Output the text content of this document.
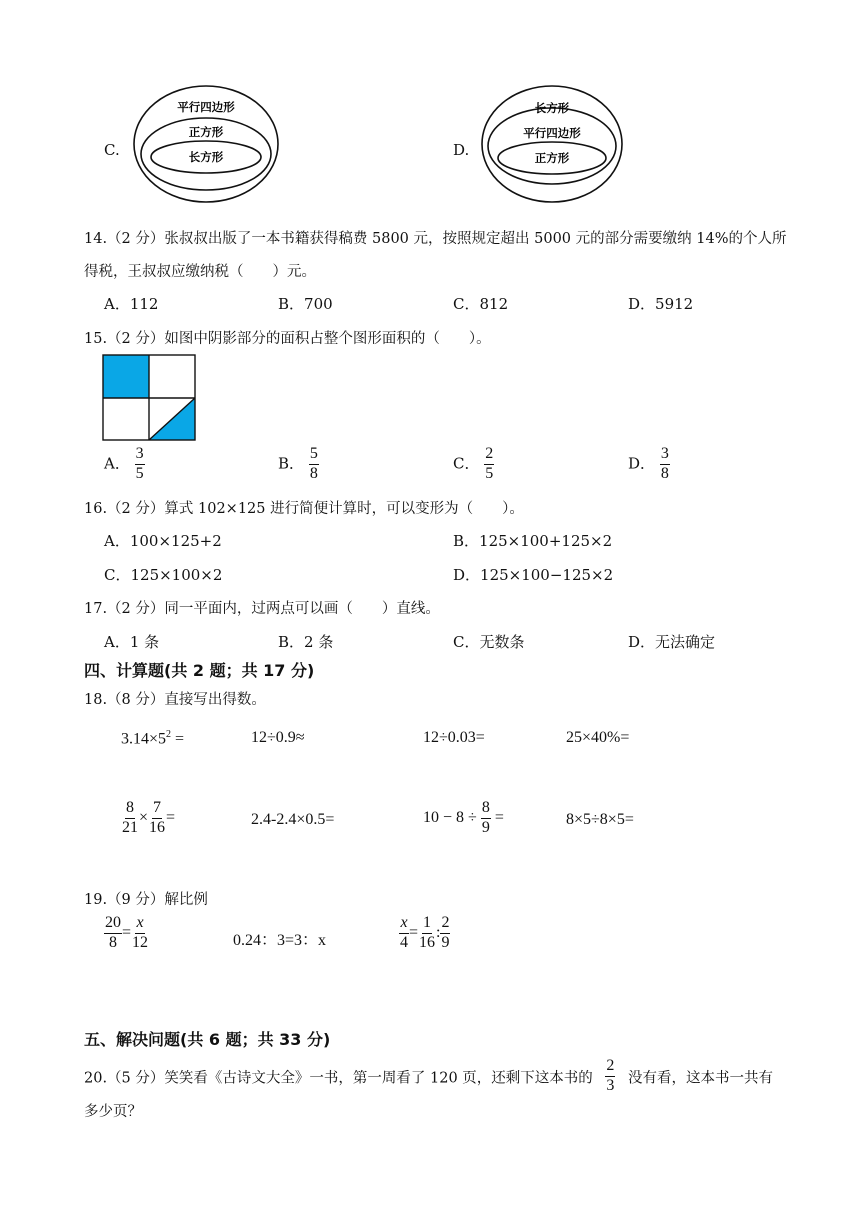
C.
平行四边形
正方形
长方形	D.
长方形
平行四边形
正方形
14.（2 分）张叔叔出版了一本书籍获得稿费 5800 元，按照规定超出 5000 元的部分需要缴纳 14%的个人所
得税，王叔叔应缴纳税（　　）元。
A．112	B．700	C．812	D．5912
15.（2 分）如图中阴影部分的面积占整个图形面积的（　　）。
A． $\frac{3}{5}$	B． $\frac{5}{8}$	C． $\frac{2}{5}$	D． $\frac{3}{8}$
16.（2 分）算式 102×125 进行简便计算时，可以变形为（　　）。
A．100×125+2	B．125×100+125×2
C．125×100×2	D．125×100−125×2
17.（2 分）同一平面内，过两点可以画（　　）直线。
A．1 条	B．2 条	C．无数条	D．无法确定
四、计算题(共 2 题；共 17 分)
18.（8 分）直接写出得数。
$3.14\times 5^2$ =	12÷0.9≈	12÷0.03=	25×40%=
$\frac{8}{21} \times \frac{7}{16}$ =	2.4-2.4×0.5=	$10 - 8 \div \frac{8}{9}$ =	8×5÷8×5=
19.（9 分）解比例
$\frac{20}{8} = \frac{x}{12}$	0.24：3=3：x	$\frac{x}{4} = \frac{1}{16}$ : $\frac{2}{9}$
五、解决问题(共 6 题；共 33 分)
20.（5 分）笑笑看《古诗文大全》一书，第一周看了 120 页，还剩下这本书的 $\frac{2}{3}$ 没有看，这本书一共有
多少页？
